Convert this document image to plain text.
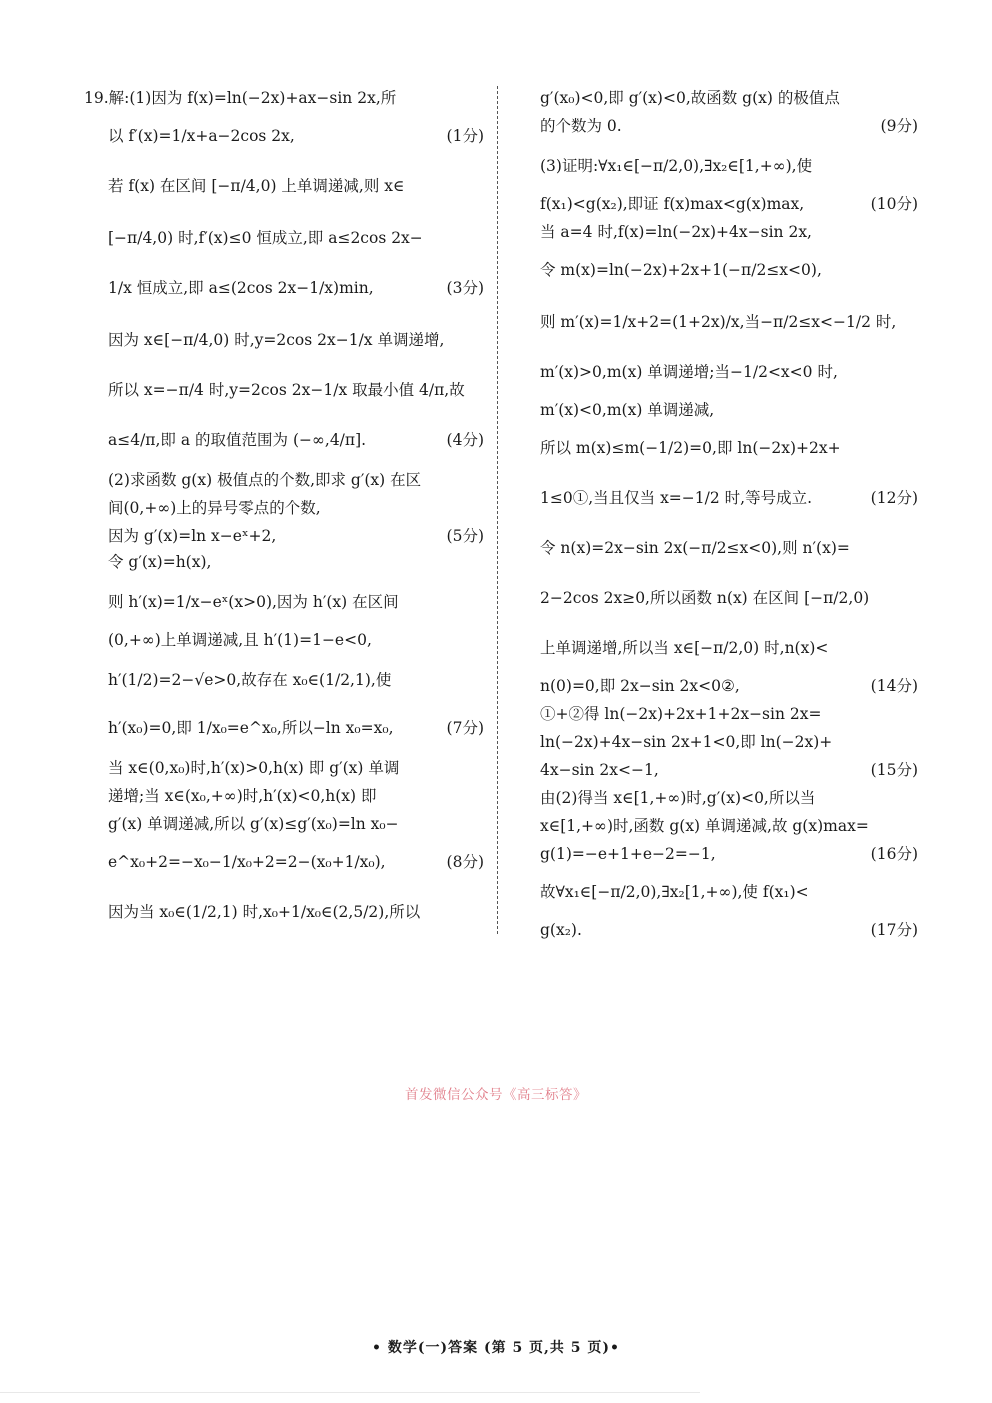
19.解:(1)因为 f(x)=ln(−2x)+ax−sin 2x,所
以 f′(x)=1/x+a−2cos 2x,	(1分)
若 f(x) 在区间 [−π/4,0) 上单调递减,则 x∈
[−π/4,0) 时,f′(x)≤0 恒成立,即 a≤2cos 2x−
1/x 恒成立,即 a≤(2cos 2x−1/x)min,	(3分)
因为 x∈[−π/4,0) 时,y=2cos 2x−1/x 单调递增,
所以 x=−π/4 时,y=2cos 2x−1/x 取最小值 4/π,故
a≤4/π,即 a 的取值范围为 (−∞,4/π].	(4分)
(2)求函数 g(x) 极值点的个数,即求 g′(x) 在区
间(0,+∞)上的异号零点的个数,
因为 g′(x)=ln x−eˣ+2,	(5分)
令 g′(x)=h(x),
则 h′(x)=1/x−eˣ(x>0),因为 h′(x) 在区间
(0,+∞)上单调递减,且 h′(1)=1−e<0,
h′(1/2)=2−√e>0,故存在 x₀∈(1/2,1),使
h′(x₀)=0,即 1/x₀=e^x₀,所以−ln x₀=x₀,	(7分)
当 x∈(0,x₀)时,h′(x)>0,h(x) 即 g′(x) 单调
递增;当 x∈(x₀,+∞)时,h′(x)<0,h(x) 即
g′(x) 单调递减,所以 g′(x)≤g′(x₀)=ln x₀−
e^x₀+2=−x₀−1/x₀+2=2−(x₀+1/x₀),	(8分)
因为当 x₀∈(1/2,1) 时,x₀+1/x₀∈(2,5/2),所以
g′(x₀)<0,即 g′(x)<0,故函数 g(x) 的极值点
的个数为 0.	(9分)
(3)证明:∀x₁∈[−π/2,0),∃x₂∈[1,+∞),使
f(x₁)<g(x₂),即证 f(x)max<g(x)max,	(10分)
当 a=4 时,f(x)=ln(−2x)+4x−sin 2x,
令 m(x)=ln(−2x)+2x+1(−π/2≤x<0),
则 m′(x)=1/x+2=(1+2x)/x,当−π/2≤x<−1/2 时,
m′(x)>0,m(x) 单调递增;当−1/2<x<0 时,
m′(x)<0,m(x) 单调递减,
所以 m(x)≤m(−1/2)=0,即 ln(−2x)+2x+
1≤0①,当且仅当 x=−1/2 时,等号成立.	(12分)
令 n(x)=2x−sin 2x(−π/2≤x<0),则 n′(x)=
2−2cos 2x≥0,所以函数 n(x) 在区间 [−π/2,0)
上单调递增,所以当 x∈[−π/2,0) 时,n(x)<
n(0)=0,即 2x−sin 2x<0②,	(14分)
①+②得 ln(−2x)+2x+1+2x−sin 2x=
ln(−2x)+4x−sin 2x+1<0,即 ln(−2x)+
4x−sin 2x<−1,	(15分)
由(2)得当 x∈[1,+∞)时,g′(x)<0,所以当
x∈[1,+∞)时,函数 g(x) 单调递减,故 g(x)max=
g(1)=−e+1+e−2=−1,	(16分)
故∀x₁∈[−π/2,0),∃x₂[1,+∞),使 f(x₁)<
g(x₂).	(17分)
首发微信公众号《高三标答》
• 数学(一)答案 (第 5 页,共 5 页)•
